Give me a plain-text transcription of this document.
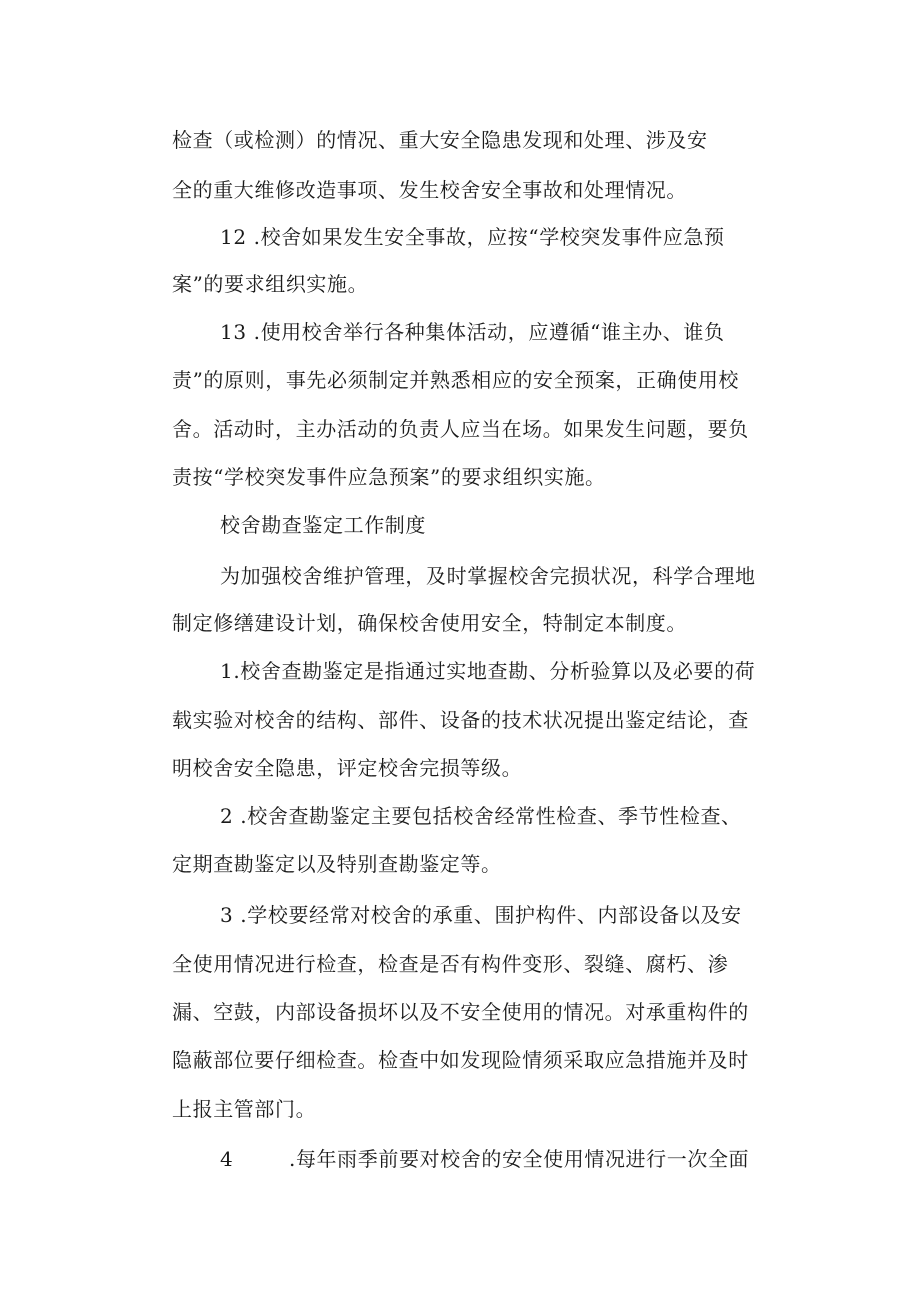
检查（或检测）的情况、重大安全隐患发现和处理、涉及安
全的重大维修改造事项、发生校舍安全事故和处理情况。
12 .校舍如果发生安全事故，应按“学校突发事件应急预
案”的要求组织实施。
13 .使用校舍举行各种集体活动，应遵循“谁主办、谁负
责”的原则，事先必须制定并熟悉相应的安全预案，正确使用校
舍。活动时，主办活动的负责人应当在场。如果发生问题，要负
责按“学校突发事件应急预案”的要求组织实施。
校舍勘查鉴定工作制度
为加强校舍维护管理，及时掌握校舍完损状况，科学合理地
制定修缮建设计划，确保校舍使用安全，特制定本制度。
1.校舍查勘鉴定是指通过实地查勘、分析验算以及必要的荷
载实验对校舍的结构、部件、设备的技术状况提出鉴定结论，查
明校舍安全隐患，评定校舍完损等级。
2 .校舍查勘鉴定主要包括校舍经常性检查、季节性检查、
定期查勘鉴定以及特别查勘鉴定等。
3 .学校要经常对校舍的承重、围护构件、内部设备以及安
全使用情况进行检查，检查是否有构件变形、裂缝、腐朽、渗
漏、空鼓，内部设备损坏以及不安全使用的情况。对承重构件的
隐蔽部位要仔细检查。检查中如发现险情须采取应急措施并及时
上报主管部门。
4        .每年雨季前要对校舍的安全使用情况进行一次全面
